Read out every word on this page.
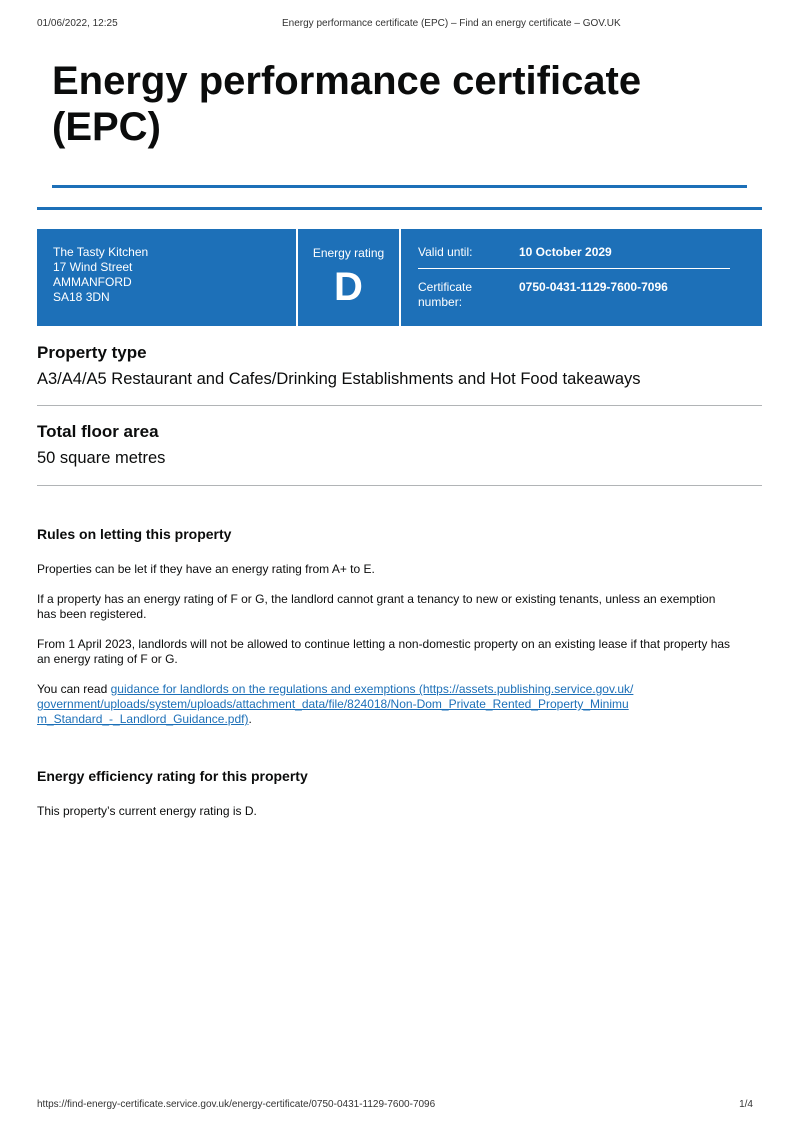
01/06/2022, 12:25	Energy performance certificate (EPC) – Find an energy certificate – GOV.UK
Energy performance certificate
(EPC)
The Tasty Kitchen
17 Wind Street
AMMANFORD
SA18 3DN
Energy rating
D
Valid until:	10 October 2029
Certificate number:
0750-0431-1129-7600-7096
Property type

A3/A4/A5 Restaurant and Cafes/Drinking Establishments and Hot Food takeaways

Total floor area

50 square metres

Rules on letting this property

Properties can be let if they have an energy rating from A+ to E.

If a property has an energy rating of F or G, the landlord cannot grant a tenancy to new or existing tenants, unless an exemption has been registered.

From 1 April 2023, landlords will not be allowed to continue letting a non-domestic property on an existing lease if that property has an energy rating of F or G.

You can read guidance for landlords on the regulations and exemptions (https://assets.publishing.service.gov.uk/government/uploads/system/uploads/attachment_data/file/824018/Non-Dom_Private_Rented_Property_Minimum_Standard_-_Landlord_Guidance.pdf).

Energy efficiency rating for this property

This property’s current energy rating is D.

https://find-energy-certificate.service.gov.uk/energy-certificate/0750-0431-1129-7600-7096	1/4
